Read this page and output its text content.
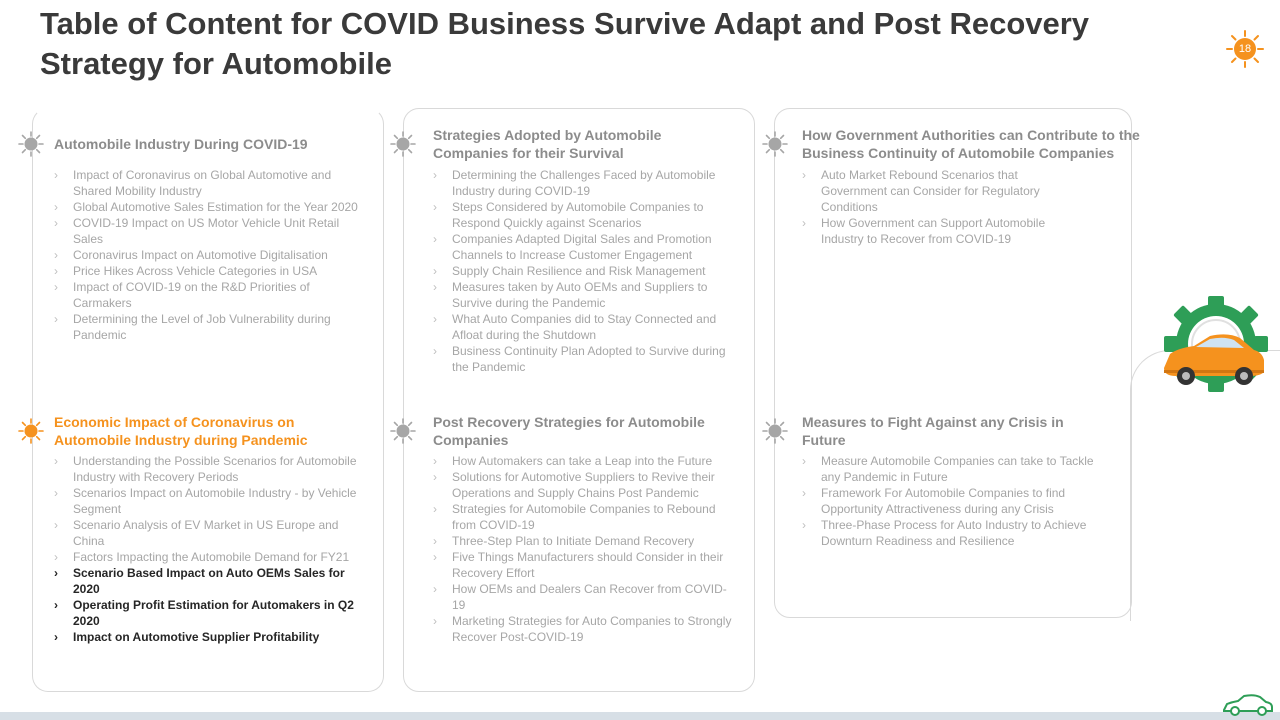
Table of Content for COVID Business Survive Adapt and Post Recovery Strategy for Automobile	18
Automobile Industry During COVID-19
› Impact of Coronavirus on Global Automotive and Shared Mobility Industry
› Global Automotive Sales Estimation for the Year 2020
› COVID-19 Impact on US Motor Vehicle Unit Retail Sales
› Coronavirus Impact on Automotive Digitalisation
› Price Hikes Across Vehicle Categories in USA
› Impact of COVID-19 on the R&D Priorities of Carmakers
› Determining the Level of Job Vulnerability during Pandemic
Strategies Adopted by Automobile Companies for their Survival
› Determining the Challenges Faced by Automobile Industry during COVID-19
› Steps Considered by Automobile Companies to Respond Quickly against Scenarios
› Companies Adapted Digital Sales and Promotion Channels to Increase Customer Engagement
› Supply Chain Resilience and Risk Management
› Measures taken by Auto OEMs and Suppliers to Survive during the Pandemic
› What Auto Companies did to Stay Connected and Afloat during the Shutdown
› Business Continuity Plan Adopted to Survive during the Pandemic
How Government Authorities can Contribute to the Business Continuity of Automobile Companies
› Auto Market Rebound Scenarios that Government can Consider for Regulatory Conditions
› How Government can Support Automobile Industry to Recover from COVID-19
Economic Impact of Coronavirus on Automobile Industry during Pandemic
› Understanding the Possible Scenarios for Automobile Industry with Recovery Periods
› Scenarios Impact on Automobile Industry - by Vehicle Segment
› Scenario Analysis of EV Market in US Europe and China
› Factors Impacting the Automobile Demand for FY21
› Scenario Based Impact on Auto OEMs Sales for 2020
› Operating Profit Estimation for Automakers in Q2 2020
› Impact on Automotive Supplier Profitability
Post Recovery Strategies for Automobile Companies
› How Automakers can take a Leap into the Future
› Solutions for Automotive Suppliers to Revive their Operations and Supply Chains Post Pandemic
› Strategies for Automobile Companies to Rebound from COVID-19
› Three-Step Plan to Initiate Demand Recovery
› Five Things Manufacturers should Consider in their Recovery Effort
› How OEMs and Dealers Can Recover from COVID-19
› Marketing Strategies for Auto Companies to Strongly Recover Post-COVID-19
Measures to Fight Against any Crisis in Future
› Measure Automobile Companies can take to Tackle any Pandemic in Future
› Framework For Automobile Companies to find Opportunity Attractiveness during any Crisis
› Three-Phase Process for Auto Industry to Achieve Downturn Readiness and Resilience
